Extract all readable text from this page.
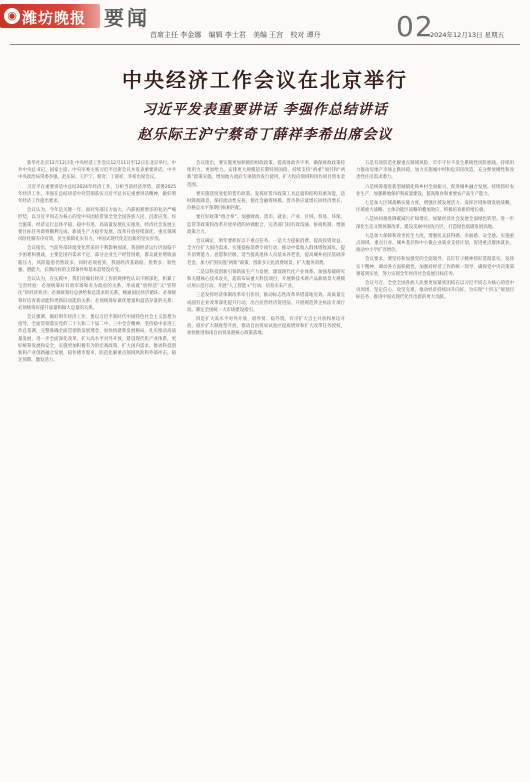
◉ 潍坊晚报 要闻
首席主任 李金娜 编辑 李士君 美编 王宫 校对 谭丹	02
2024年12月13日 星期五
中央经济工作会议在北京举行
习近平发表重要讲话 李强作总结讲话
赵乐际王沪宁蔡奇丁薛祥李希出席会议

新华社北京12月12日电 中央经济工作会议12月11日至12日在北京举行。中共中央总书记、国家主席、中央军委主席习近平出席会议并发表重要讲话。中共中央政治局常委李强、赵乐际、王沪宁、蔡奇、丁薛祥、李希出席会议。

习近平在重要讲话中总结2024年经济工作，分析当前经济形势，部署2025年经济工作。李强在总结讲话中对贯彻落实习近平总书记重要讲话精神，做好明年经济工作提出要求。

会议认为，今年是关键一年，面对外部压力加大、内部困难增多的复杂严峻形势，以习近平同志为核心的党中央团结带领全党全国各族人民，沉着应变、综合施策，经济运行总体平稳、稳中有进，高质量发展扎实推进，经济社会发展主要目标任务即将顺利完成。新质生产力稳步发展，改革开放持续深化，重点领域风险化解有序有效，民生保障扎实有力，中国式现代化迈出新的坚实步伐。

会议指出，当前外部环境变化带来的不利影响加深，我国经济运行仍面临不少困难和挑战，主要是国内需求不足，部分企业生产经营困难，群众就业增收面临压力，风险隐患仍然较多。同时必须看到，我国经济基础稳、优势多、韧性强、潜能大，长期向好的支撑条件和基本趋势没有变。

会议认为，在实践中，我们对做好经济工作的规律性认识不断深化，积累了宝贵经验：必须统筹好有效市场和有为政府的关系，形成既“放得活”又“管得住”的经济秩序；必须统筹好总供给和总需求的关系，畅通国民经济循环；必须统筹好培育新动能和更新旧动能的关系；必须统筹好做优增量和盘活存量的关系；必须统筹好提升质量和做大总量的关系。

会议强调，做好明年经济工作，要以习近平新时代中国特色社会主义思想为指导，全面贯彻落实党的二十大和二十届二中、三中全会精神，坚持稳中求进工作总基调，完整准确全面贯彻新发展理念，加快构建新发展格局，扎实推动高质量发展，进一步全面深化改革，扩大高水平对外开放，建设现代化产业体系，更好统筹发展和安全，实施更加积极有为的宏观政策，扩大国内需求，推动科技创新和产业创新融合发展，稳住楼市股市，防范化解重点领域风险和外部冲击，稳定预期、激发活力。

会议指出，要实施更加积极的财政政策。提高财政赤字率，确保财政政策持续用力、更加给力。安排更大规模超长期特别国债，持续支持“两重”项目和“两新”政策实施。增加地方政府专项债券发行使用，扩大投向领域和用作项目资本金范围。

要实施适度宽松的货币政策。发挥好货币政策工具总量和结构双重功能，适时降准降息，保持流动性充裕，使社会融资规模、货币供应量增长同经济增长、价格总水平预期目标相匹配。

要打好政策“组合拳”。加强财政、货币、就业、产业、区域、贸易、环保、监管等政策和改革开放举措的协调配合，完善部门间有效沟通、协商机制，增强政策合力。

会议确定，明年要抓好以下重点任务。一是大力提振消费、提高投资效益，全方位扩大国内需求。实施提振消费专项行动，推动中低收入群体增收减负，提升消费能力、意愿和层级。适当提高退休人员基本养老金，提高城乡居民基础养老金。加力扩围实施“两新”政策，创新多元化消费场景，扩大服务消费。

二是以科技创新引领新质生产力发展，建设现代化产业体系。加强基础研究和关键核心技术攻关，超前布局重大科技项目，开展新技术新产品新场景大规模应用示范行动。开展“人工智能+”行动，培育未来产业。

三是发挥经济体制改革牵引作用，推动标志性改革举措落地见效。高质量完成国有企业改革深化提升行动，出台民营经济促进法。开展规范涉企执法专项行动。制定全国统一大市场建设指引。

四是扩大高水平对外开放，稳外贸、稳外资。有序扩大自主开放和单边开放，稳步扩大制度型开放，推动自由贸易试验区提质增效和扩大改革任务授权，加快推进海南自由贸易港核心政策落地。

五是有效防范化解重点领域风险，牢牢守住不发生系统性风险底线。持续用力推动房地产市场止跌回稳，加力实施城中村和危旧房改造，充分释放刚性和改善性住房需求潜力。

六是统筹推进新型城镇化和乡村全面振兴，促进城乡融合发展。持续抓好农业生产，加强耕地保护和质量建设，提高粮食和重要农产品生产能力。

七是加大区域战略实施力度，增强区域发展活力。发挥区域协调发展战略、区域重大战略、主体功能区战略的叠加效应，积极培育新的增长极。

八是协同推进降碳减污扩绿增长，加紧经济社会发展全面绿色转型。进一步深化生态文明体制改革。建设美丽中国先行区，打造绿色低碳发展高地。

九是加大保障和改善民生力度，增强民众获得感、幸福感、安全感。实施重点领域、重点行业、城乡基层和中小微企业就业支持计划，促进重点群体就业。推动中小学扩容增位。

会议要求，要坚持和加强党的全面领导，以钉钉子精神抓好贯彻落实。发扬实干精神，调动各方面积极性，加强对经济工作的统一领导，确保党中央决策部署落到实处，努力实现全年经济社会发展目标任务。

会议号召，全党全国各族人民要更加紧密团结在以习近平同志为核心的党中央周围，坚定信心、攻坚克难，推动经济持续回升向好，为实现“十四五”规划目标任务、推进中国式现代化作出新的更大贡献。
